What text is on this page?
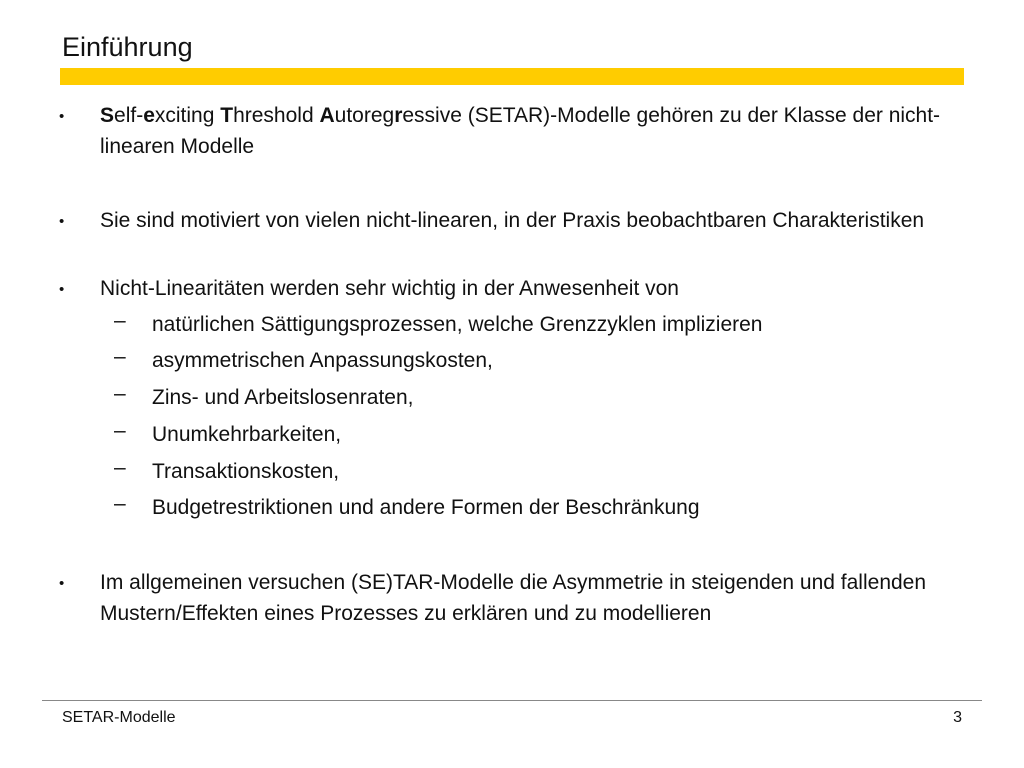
Einführung
• Self-exciting Threshold Autoregressive (SETAR)-Modelle gehören zu der Klasse der nicht-linearen Modelle
• Sie sind motiviert von vielen nicht-linearen, in der Praxis beobachtbaren Charakteristiken
• Nicht-Linearitäten werden sehr wichtig in der Anwesenheit von
– natürlichen Sättigungsprozessen, welche Grenzzyklen implizieren
– asymmetrischen Anpassungskosten,
– Zins- und Arbeitslosenraten,
– Unumkehrbarkeiten,
– Transaktionskosten,
– Budgetrestriktionen und andere Formen der Beschränkung
• Im allgemeinen versuchen (SE)TAR-Modelle die Asymmetrie in steigenden und fallenden Mustern/Effekten eines Prozesses zu erklären und zu modellieren
SETAR-Modelle	3
